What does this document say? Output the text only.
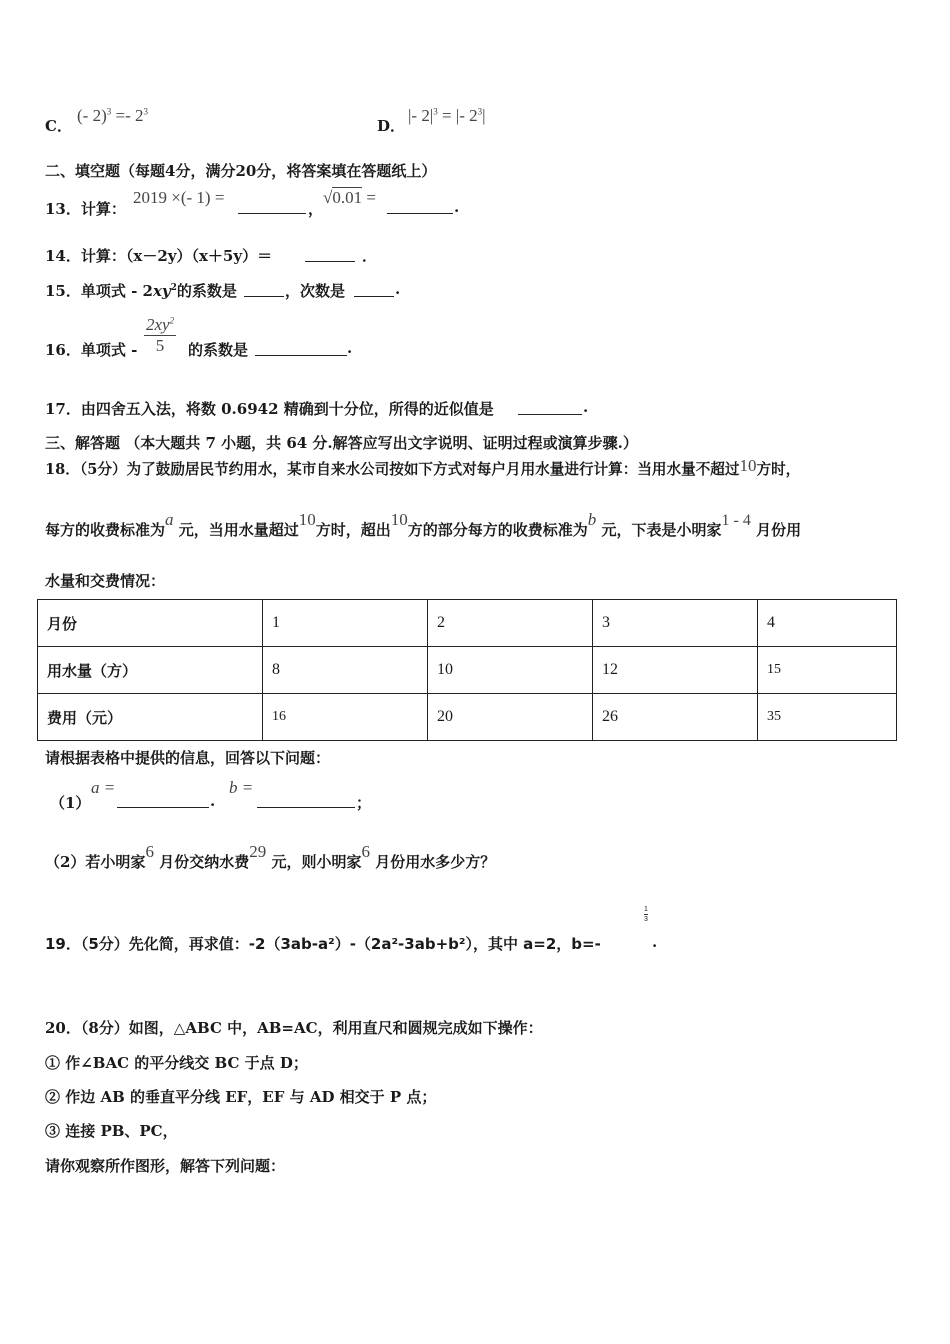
C．
(- $2)^3 =- 2^3$
D．
|- $2|^3$ = |- $2^3|$
二、填空题（每题4分，满分20分，将答案填在答题纸上）
13．计算：
2019 ×(- 1) =
，
√0.01 =	.
14．计算：（x－2y）（x＋5y）＝	．
15．单项式 - $2xy^2$的系数是	，次数是	.
16．单项式 - $\frac{2xy^2}{5}$ 的系数是	.
17．由四舍五入法，将数 0.6942 精确到十分位，所得的近似值是	.
三、解答题 （本大题共 7 小题，共 64 分.解答应写出文字说明、证明过程或演算步骤.）
18．（5分）为了鼓励居民节约用水，某市自来水公司按如下方式对每户月用水量进行计算：当用水量不超过10方时，
每方的收费标准为a 元，当用水量超过10方时，超出10方的部分每方的收费标准为b 元，下表是小明家1 - 4 月份用
水量和交费情况：
月份	1	2	3	4
用水量（方）	8	10	12	15
费用（元）	16	20	26	35
请根据表格中提供的信息，回答以下问题：
（1）
a =
.
b =
；
（2）若小明家6 月份交纳水费29 元，则小明家6 月份用水多少方？
19．（5分）先化简，再求值：-2（3ab-a²）-（2a²-3ab+b²），其中 a=2，b=-
1
3
.
20．（8分）如图，△ABC 中，AB=AC，利用直尺和圆规完成如下操作：
① 作∠BAC 的平分线交 BC 于点 D；
② 作边 AB 的垂直平分线 EF，EF 与 AD 相交于 P 点；
③ 连接 PB、PC，
请你观察所作图形，解答下列问题：
